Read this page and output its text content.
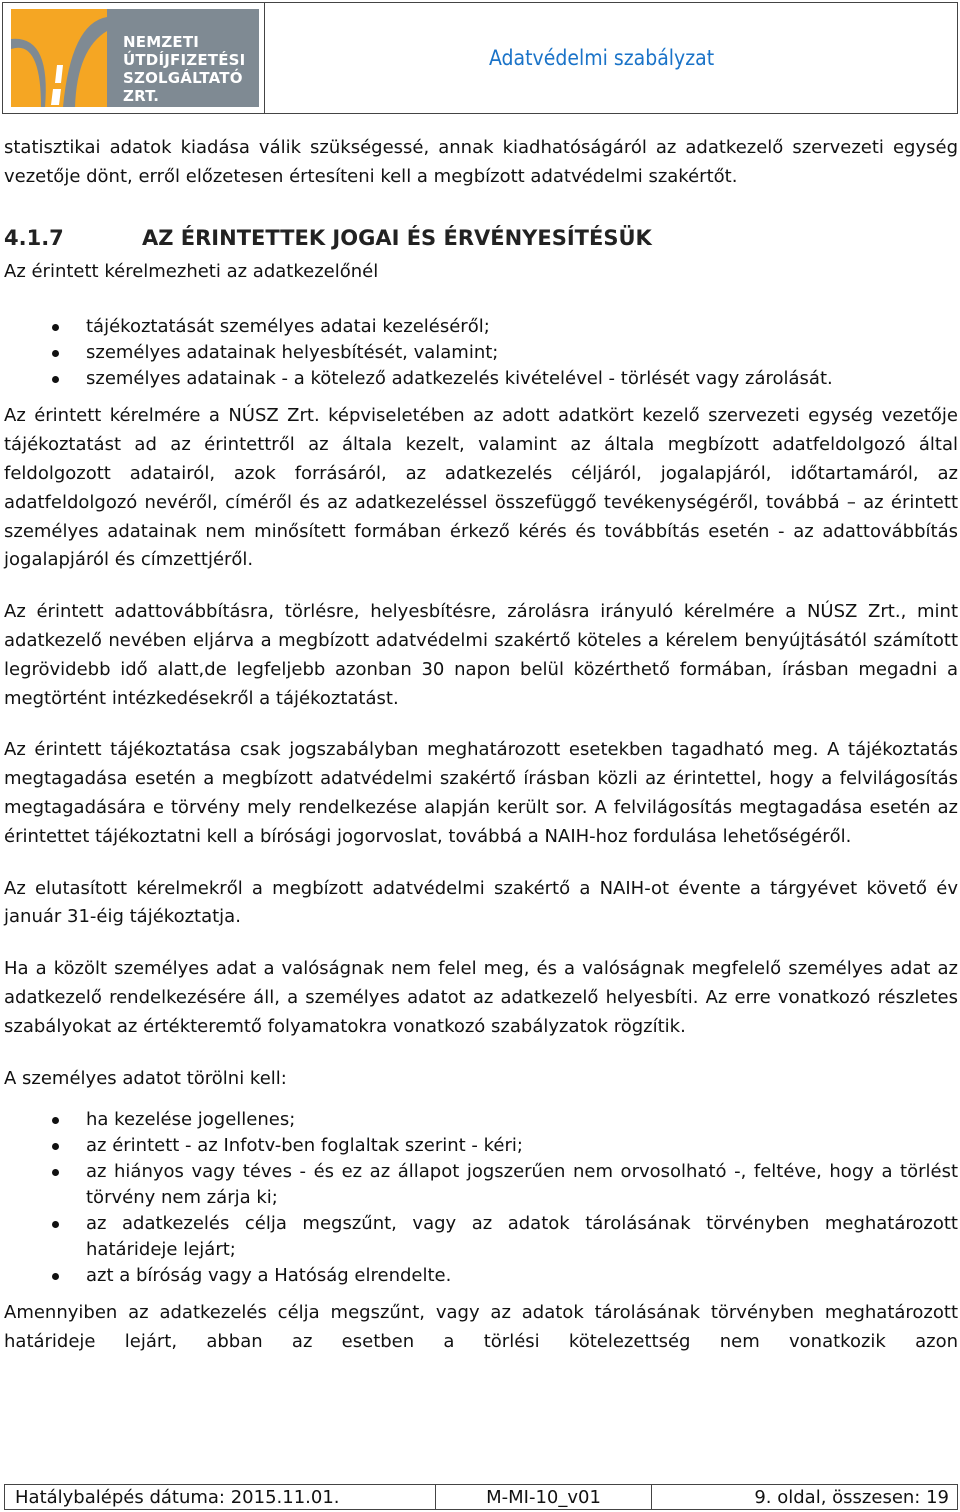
NEMZETI
ÚTDÍJFIZETÉSI
SZOLGÁLTATÓ ZRT.
Adatvédelmi szabályzat

statisztikai adatok kiadása válik szükségessé, annak kiadhatóságáról az adatkezelő szervezeti egység vezetője dönt, erről előzetesen értesíteni kell a megbízott adatvédelmi szakértőt.

4.1.7	AZ ÉRINTETTEK JOGAI ÉS ÉRVÉNYESÍTÉSÜK

Az érintett kérelmezheti az adatkezelőnél

tájékoztatását személyes adatai kezeléséről;
személyes adatainak helyesbítését, valamint;
személyes adatainak - a kötelező adatkezelés kivételével - törlését vagy zárolását.

Az érintett kérelmére a NÚSZ Zrt. képviseletében az adott adatkört kezelő szervezeti egység vezetője tájékoztatást ad az érintettről az általa kezelt, valamint az általa megbízott adatfeldolgozó által feldolgozott adatairól, azok forrásáról, az adatkezelés céljáról, jogalapjáról, időtartamáról, az adatfeldolgozó nevéről, címéről és az adatkezeléssel összefüggő tevékenységéről, továbbá – az érintett személyes adatainak nem minősített formában érkező kérés és továbbítás esetén - az adattovábbítás jogalapjáról és címzettjéről.

Az érintett adattovábbításra, törlésre, helyesbítésre, zárolásra irányuló kérelmére a NÚSZ Zrt., mint adatkezelő nevében eljárva a megbízott adatvédelmi szakértő köteles a kérelem benyújtásától számított legrövidebb idő alatt,de legfeljebb azonban 30 napon belül közérthető formában, írásban megadni a megtörtént intézkedésekről a tájékoztatást.

Az érintett tájékoztatása csak jogszabályban meghatározott esetekben tagadható meg. A tájékoztatás megtagadása esetén a megbízott adatvédelmi szakértő írásban közli az érintettel, hogy a felvilágosítás megtagadására e törvény mely rendelkezése alapján került sor. A felvilágosítás megtagadása esetén az érintettet tájékoztatni kell a bírósági jogorvoslat, továbbá a NAIH-hoz fordulása lehetőségéről.

Az elutasított kérelmekről a megbízott adatvédelmi szakértő a NAIH-ot évente a tárgyévet követő év január 31-éig tájékoztatja.

Ha a közölt személyes adat a valóságnak nem felel meg, és a valóságnak megfelelő személyes adat az adatkezelő rendelkezésére áll, a személyes adatot az adatkezelő helyesbíti. Az erre vonatkozó részletes szabályokat az értékteremtő folyamatokra vonatkozó szabályzatok rögzítik.

A személyes adatot törölni kell:

ha kezelése jogellenes;
az érintett - az Infotv-ben foglaltak szerint - kéri;
az hiányos vagy téves - és ez az állapot jogszerűen nem orvosolható -, feltéve, hogy a törlést törvény nem zárja ki;
az adatkezelés célja megszűnt, vagy az adatok tárolásának törvényben meghatározott határideje lejárt;
azt a bíróság vagy a Hatóság elrendelte.

Amennyiben az adatkezelés célja megszűnt, vagy az adatok tárolásának törvényben meghatározott határideje lejárt, abban az esetben a törlési kötelezettség nem vonatkozik azon

Hatálybalépés dátuma: 2015.11.01.	M-MI-10_v01	9. oldal, összesen: 19
